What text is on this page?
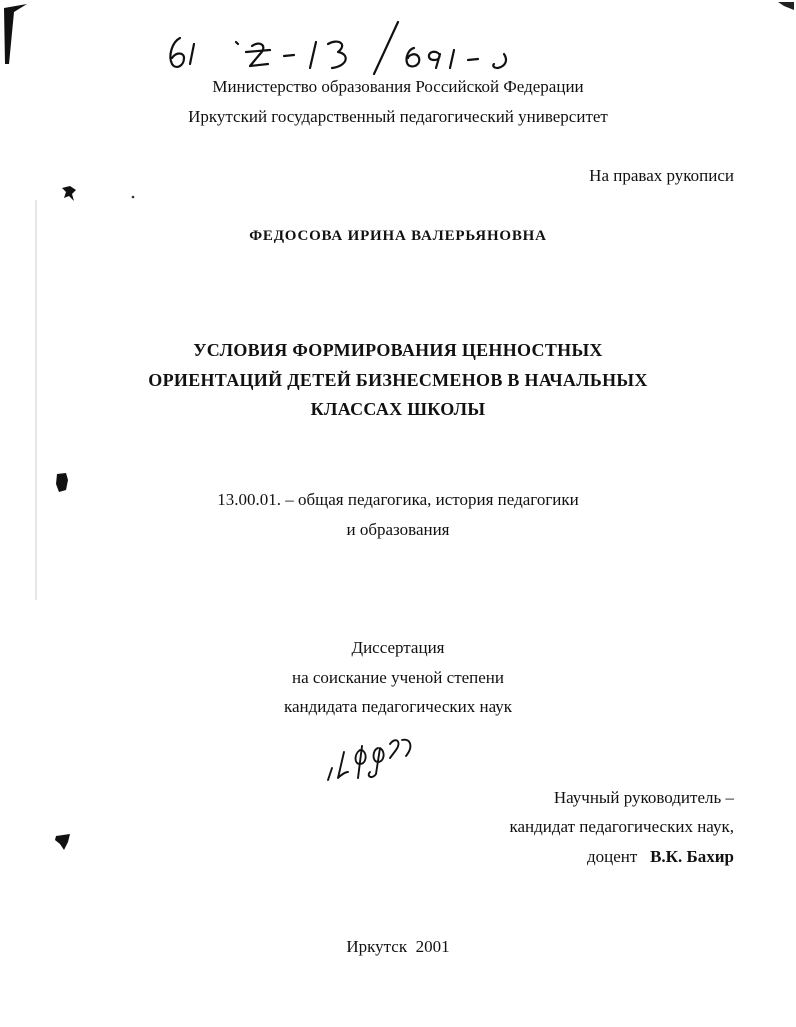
Министерство образования Российской Федерации
Иркутский государственный педагогический университет
На правах рукописи
ФЕДОСОВА ИРИНА ВАЛЕРЬЯНОВНА
УСЛОВИЯ ФОРМИРОВАНИЯ ЦЕННОСТНЫХ
ОРИЕНТАЦИЙ ДЕТЕЙ БИЗНЕСМЕНОВ В НАЧАЛЬНЫХ
КЛАССАХ ШКОЛЫ
13.00.01. – общая педагогика, история педагогики
и образования
Диссертация
на соискание ученой степени
кандидата педагогических наук
Научный руководитель –
кандидат педагогических наук,
доцент В.К. Бахир
Иркутск  2001
